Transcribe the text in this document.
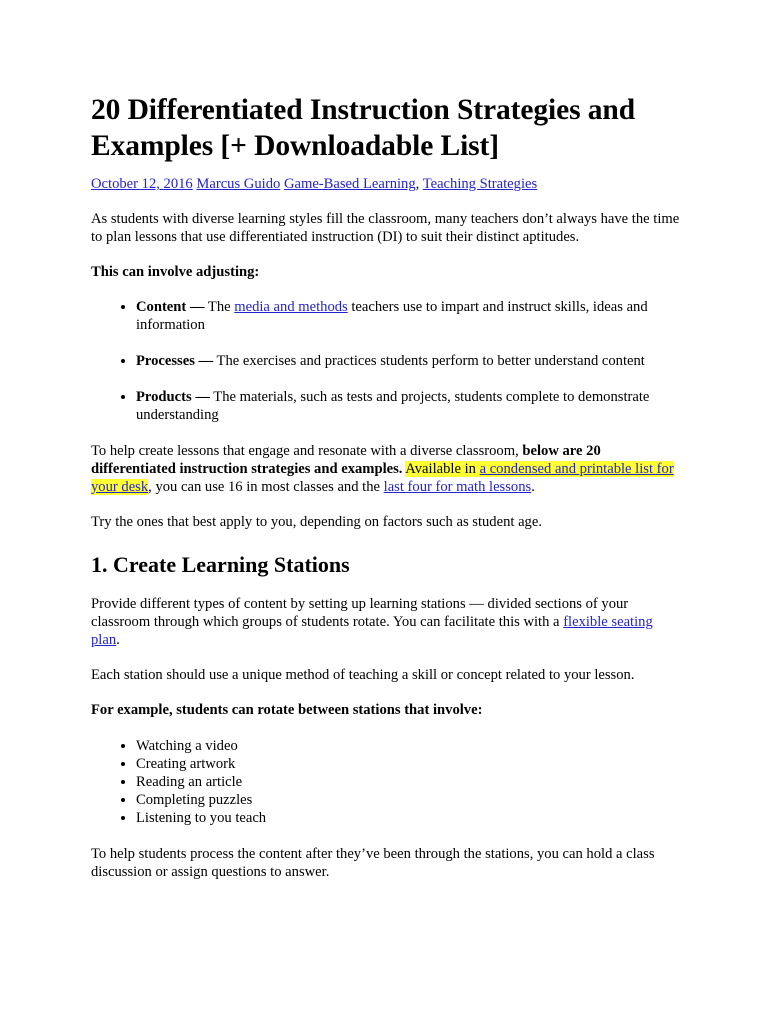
20 Differentiated Instruction Strategies and Examples [+ Downloadable List]
October 12, 2016 Marcus Guido Game-Based Learning, Teaching Strategies

As students with diverse learning styles fill the classroom, many teachers don’t always have the time to plan lessons that use differentiated instruction (DI) to suit their distinct aptitudes.

This can involve adjusting:

• Content — The media and methods teachers use to impart and instruct skills, ideas and information
• Processes — The exercises and practices students perform to better understand content
• Products — The materials, such as tests and projects, students complete to demonstrate understanding

To help create lessons that engage and resonate with a diverse classroom, below are 20 differentiated instruction strategies and examples. Available in a condensed and printable list for your desk, you can use 16 in most classes and the last four for math lessons.

Try the ones that best apply to you, depending on factors such as student age.

1. Create Learning Stations

Provide different types of content by setting up learning stations — divided sections of your classroom through which groups of students rotate. You can facilitate this with a flexible seating plan.

Each station should use a unique method of teaching a skill or concept related to your lesson.

For example, students can rotate between stations that involve:

• Watching a video
• Creating artwork
• Reading an article
• Completing puzzles
• Listening to you teach

To help students process the content after they’ve been through the stations, you can hold a class discussion or assign questions to answer.
